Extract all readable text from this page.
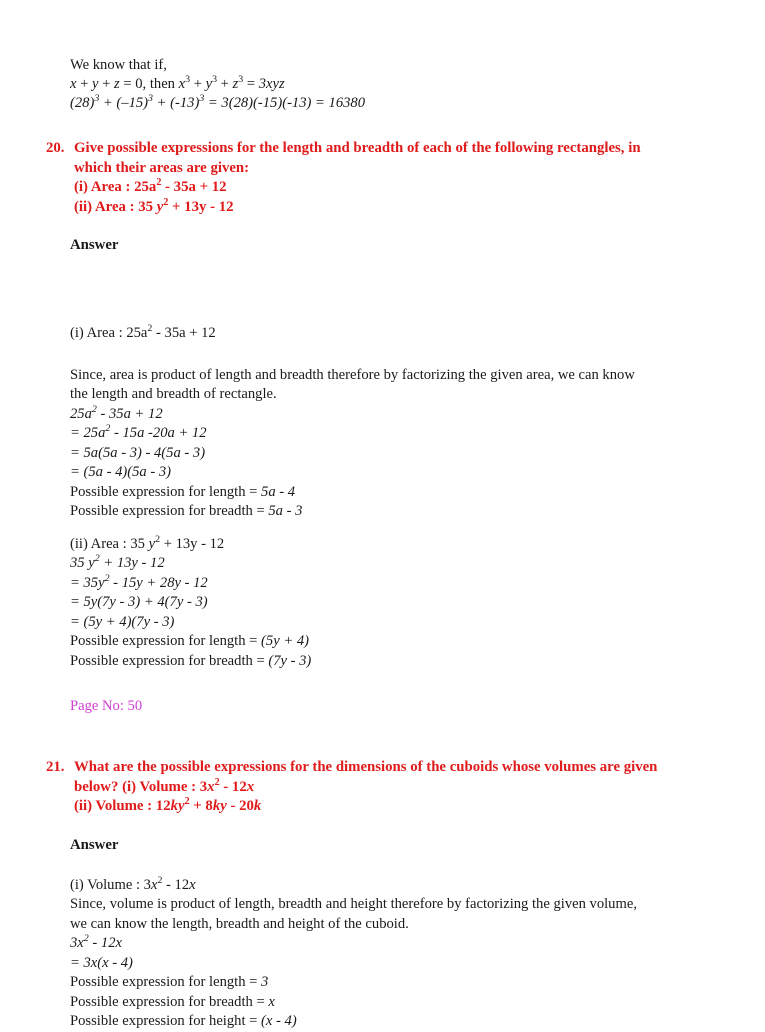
We know that if,
x + y + z = 0, then $x^3 + y^3 + z^3 = 3xyz$
$(28)^3 + (-15)^3 + (-13)^3 = 3(28)(-15)(-13) = 16380$
20. Give possible expressions for the length and breadth of each of the following rectangles, in
which their areas are given:
(i) Area : $25a^2 - 35a + 12$
(ii) Area : 35 $y^2 + 13y - 12$
Answer
(i) Area : $25a^2 - 35a + 12$
Since, area is product of length and breadth therefore by factorizing the given area, we can know
the length and breadth of rectangle.
$25a^2 - 35a + 12$
= $25a^2 - 15a$ -20a + 12
= 5a(5a - 3) - 4(5a - 3)
= (5a - 4)(5a - 3)
Possible expression for length = 5a - 4
Possible expression for breadth = 5a - 3
(ii) Area : 35 $y^2 + 13y - 12$
35 $y^2 + 13y - 12$
= $35y^2 - 15y + 28y - 12$
= 5y(7y - 3) + 4(7y - 3)
= (5y + 4)(7y - 3)
Possible expression for length = (5y + 4)
Possible expression for breadth = (7y - 3)
Page No: 50
21. What are the possible expressions for the dimensions of the cuboids whose volumes are given
below? (i) Volume : $3x^2 - 12x$
(ii) Volume : $12ky^2 + 8ky - 20k$
Answer
(i) Volume : $3x^2 - 12x$
Since, volume is product of length, breadth and height therefore by factorizing the given volume,
we can know the length, breadth and height of the cuboid.
$3x^2 - 12x$
= 3x(x - 4)
Possible expression for length = 3
Possible expression for breadth = x
Possible expression for height = (x - 4)
